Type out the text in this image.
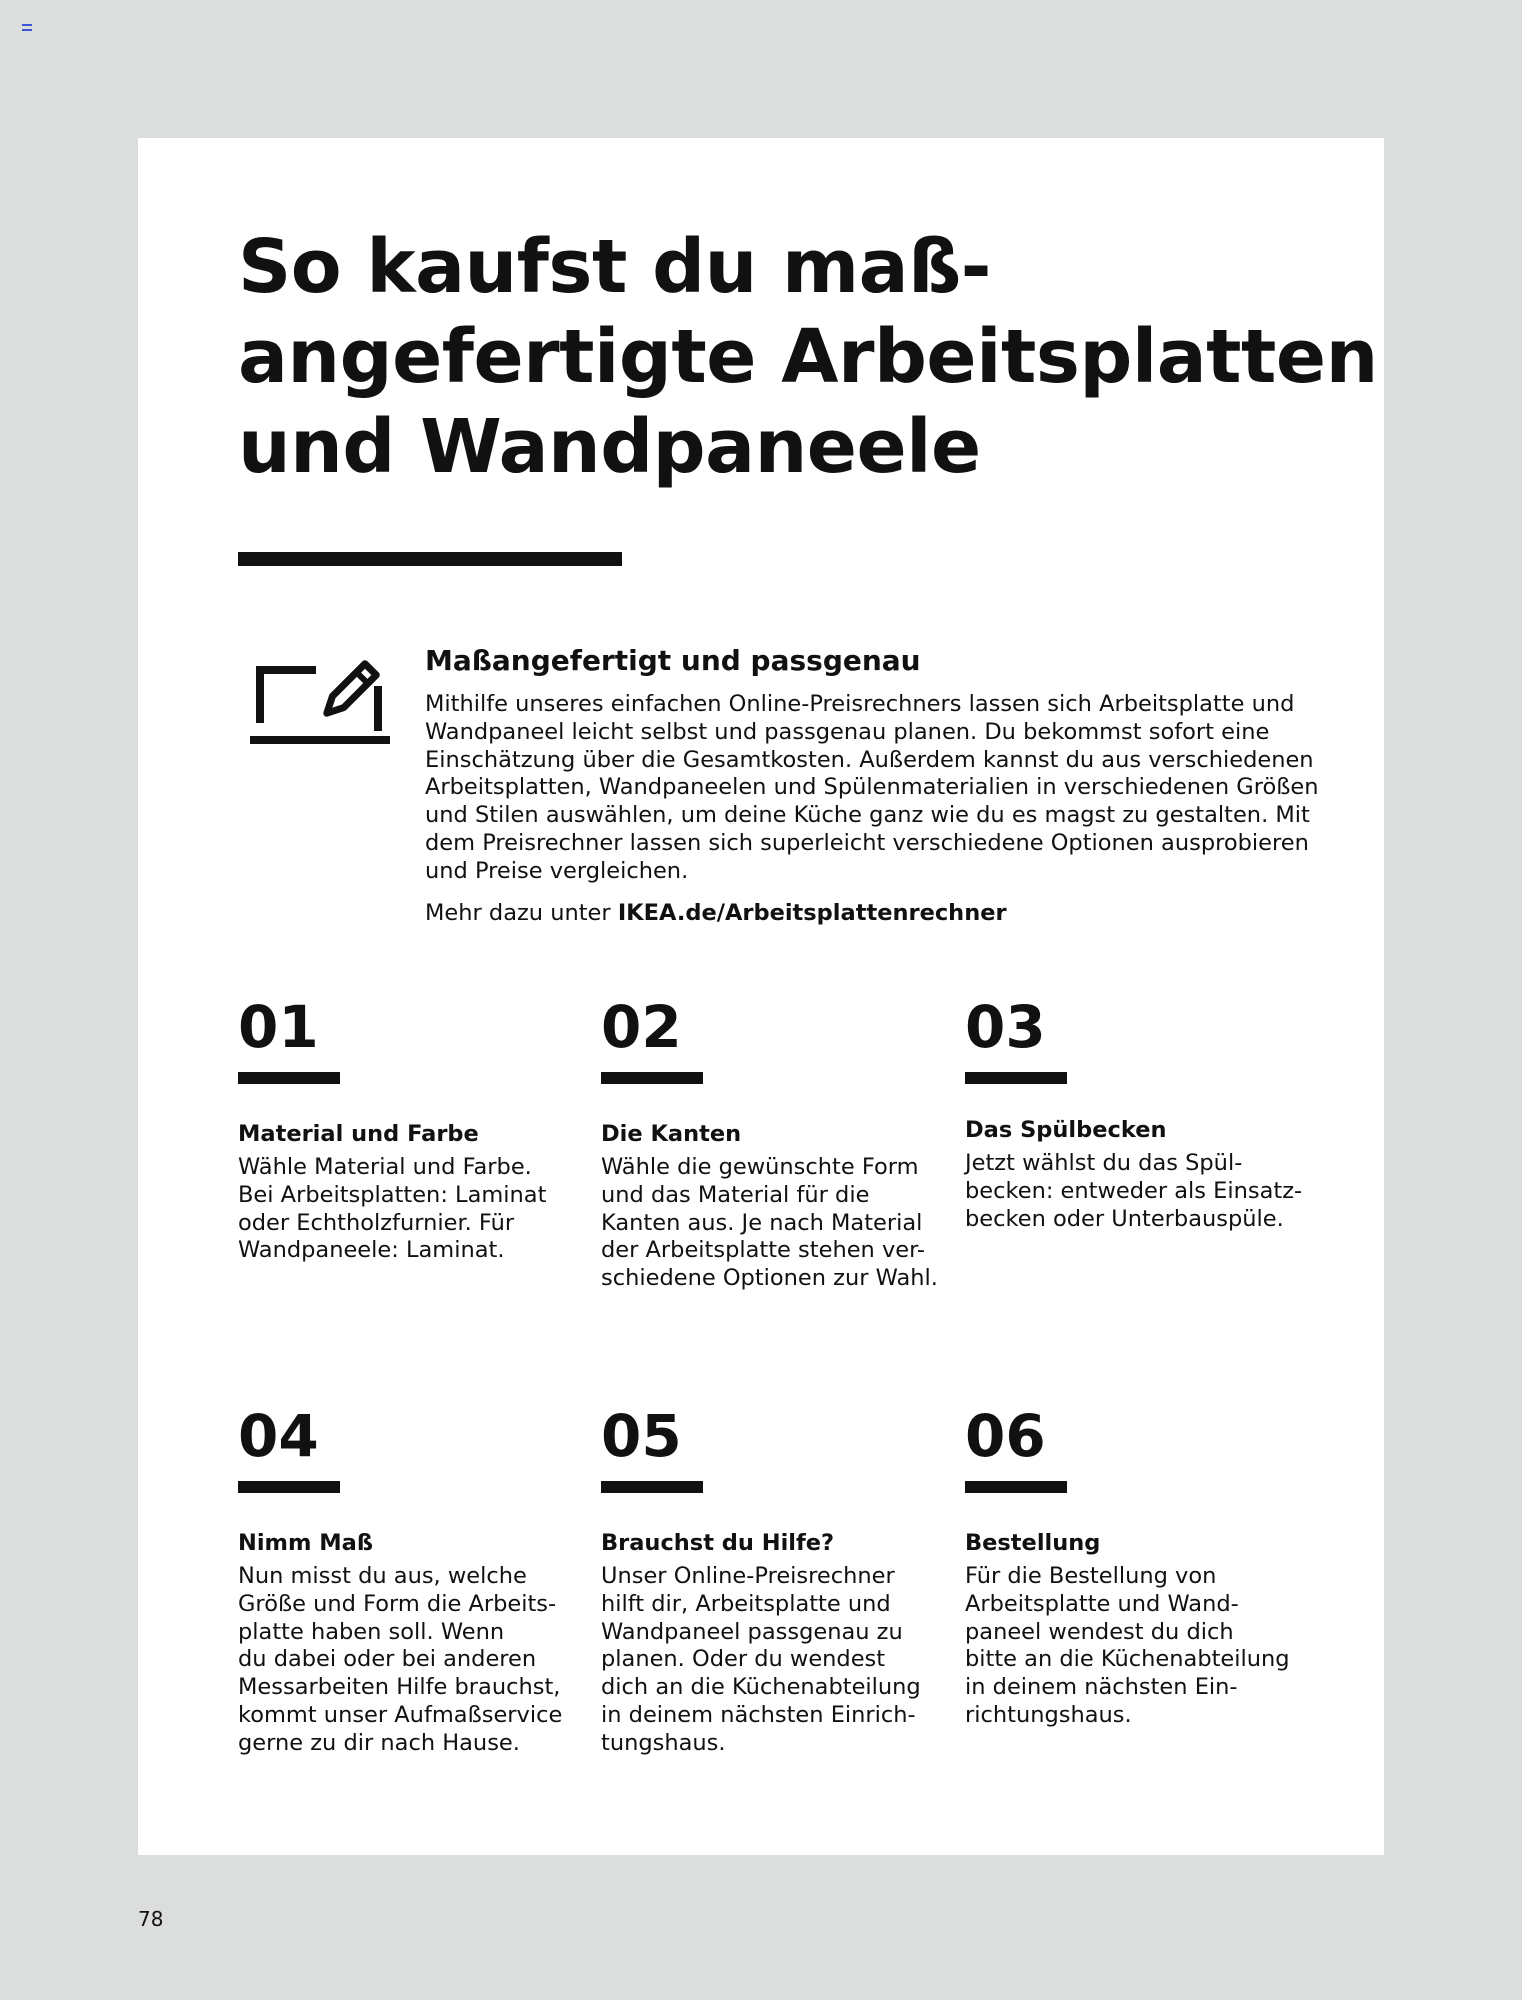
So kaufst du maß-
angefertigte Arbeitsplatten
und Wandpaneele
Maßangefertigt und passgenau

Mithilfe unseres einfachen Online-Preisrechners lassen sich Arbeitsplatte und
Wandpaneel leicht selbst und passgenau planen. Du bekommst sofort eine
Einschätzung über die Gesamtkosten. Außerdem kannst du aus verschiedenen
Arbeitsplatten, Wandpaneelen und Spülenmaterialien in verschiedenen Größen
und Stilen auswählen, um deine Küche ganz wie du es magst zu gestalten. Mit
dem Preisrechner lassen sich superleicht verschiedene Optionen ausprobieren
und Preise vergleichen.

Mehr dazu unter IKEA.de/Arbeitsplattenrechner

01
Material und Farbe

Wähle Material und Farbe.
Bei Arbeitsplatten: Laminat
oder Echtholzfurnier. Für
Wandpaneele: Laminat.

02
Die Kanten

Wähle die gewünschte Form
und das Material für die
Kanten aus. Je nach Material
der Arbeitsplatte stehen ver-
schiedene Optionen zur Wahl.

03
Das Spülbecken

Jetzt wählst du das Spül-
becken: entweder als Einsatz-
becken oder Unterbauspüle.

04
Nimm Maß

Nun misst du aus, welche
Größe und Form die Arbeits-
platte haben soll. Wenn
du dabei oder bei anderen
Messarbeiten Hilfe brauchst,
kommt unser Aufmaßservice
gerne zu dir nach Hause.

05
Brauchst du Hilfe?

Unser Online-Preisrechner
hilft dir, Arbeitsplatte und
Wandpaneel passgenau zu
planen. Oder du wendest
dich an die Küchenabteilung
in deinem nächsten Einrich-
tungshaus.

06
Bestellung

Für die Bestellung von
Arbeitsplatte und Wand-
paneel wendest du dich
bitte an die Küchenabteilung
in deinem nächsten Ein-
richtungshaus.

78
